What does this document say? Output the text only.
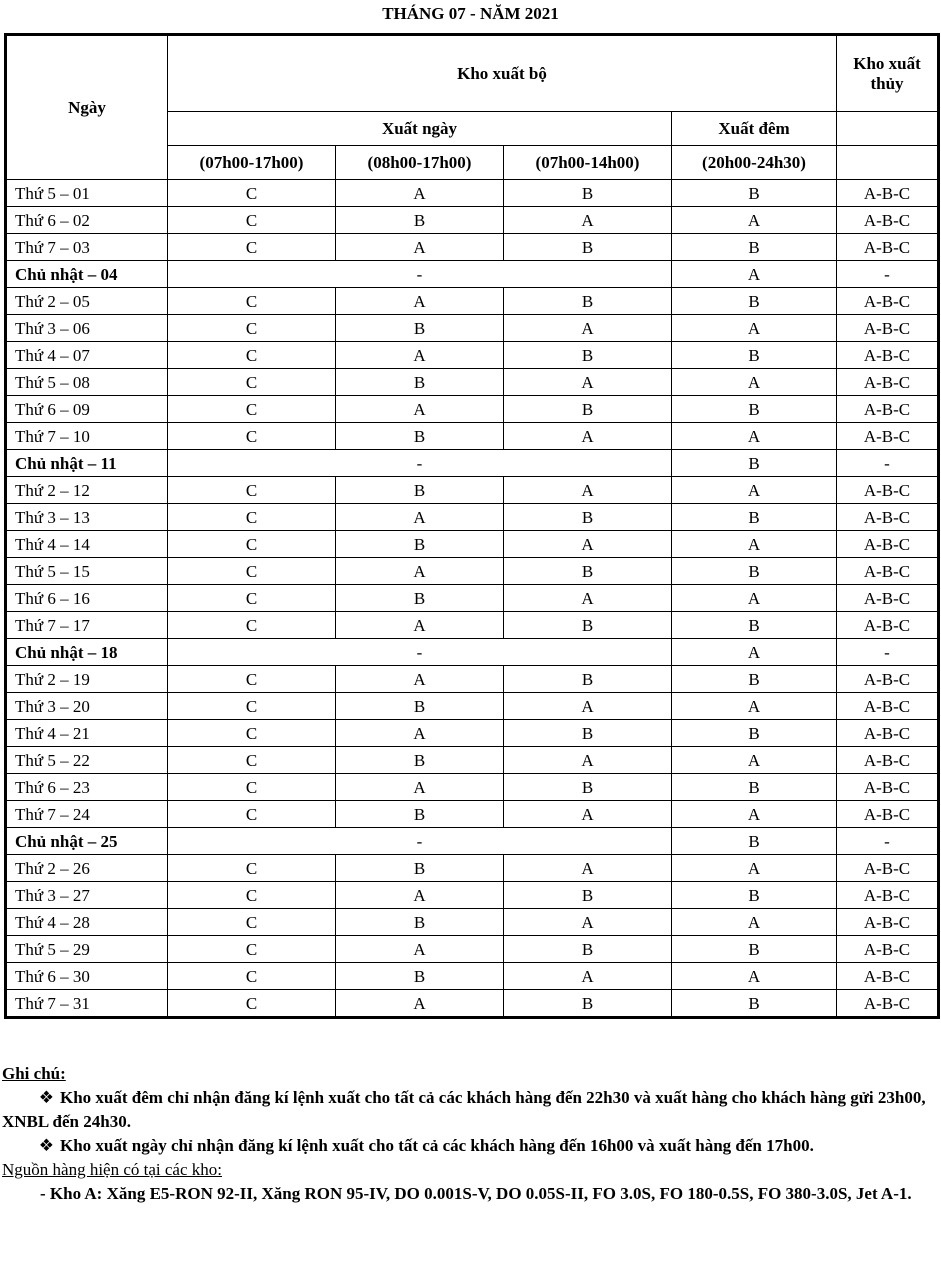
THÁNG 07 - NĂM 2021
Ngày	Kho xuất bộ				Kho xuất thủy
	Xuất ngày			Xuất đêm	
	(07h00-17h00)	(08h00-17h00)	(07h00-14h00)	(20h00-24h30)	
Thứ 5 – 01	C	A	B	B	A-B-C
Thứ 6 – 02	C	B	A	A	A-B-C
Thứ 7 – 03	C	A	B	B	A-B-C
Chủ nhật – 04	-			A	-
Thứ 2 – 05	C	A	B	B	A-B-C
Thứ 3 – 06	C	B	A	A	A-B-C
Thứ 4 – 07	C	A	B	B	A-B-C
Thứ 5 – 08	C	B	A	A	A-B-C
Thứ 6 – 09	C	A	B	B	A-B-C
Thứ 7 – 10	C	B	A	A	A-B-C
Chủ nhật – 11	-			B	-
Thứ 2 – 12	C	B	A	A	A-B-C
Thứ 3 – 13	C	A	B	B	A-B-C
Thứ 4 – 14	C	B	A	A	A-B-C
Thứ 5 – 15	C	A	B	B	A-B-C
Thứ 6 – 16	C	B	A	A	A-B-C
Thứ 7 – 17	C	A	B	B	A-B-C
Chủ nhật – 18	-			A	-
Thứ 2 – 19	C	A	B	B	A-B-C
Thứ 3 – 20	C	B	A	A	A-B-C
Thứ 4 – 21	C	A	B	B	A-B-C
Thứ 5 – 22	C	B	A	A	A-B-C
Thứ 6 – 23	C	A	B	B	A-B-C
Thứ 7 – 24	C	B	A	A	A-B-C
Chủ nhật – 25	-			B	-
Thứ 2 – 26	C	B	A	A	A-B-C
Thứ 3 – 27	C	A	B	B	A-B-C
Thứ 4 – 28	C	B	A	A	A-B-C
Thứ 5 – 29	C	A	B	B	A-B-C
Thứ 6 – 30	C	B	A	A	A-B-C
Thứ 7 – 31	C	A	B	B	A-B-C
Ghi chú:
❖ Kho xuất đêm chỉ nhận đăng kí lệnh xuất cho tất cả các khách hàng đến 22h30 và xuất hàng cho khách hàng gửi 23h00, XNBL đến 24h30.
❖ Kho xuất ngày chỉ nhận đăng kí lệnh xuất cho tất cả các khách hàng đến 16h00 và xuất hàng đến 17h00.
Nguồn hàng hiện có tại các kho:
- Kho A: Xăng E5-RON 92-II, Xăng RON 95-IV, DO 0.001S-V, DO 0.05S-II, FO 3.0S, FO 180-0.5S, FO 380-3.0S, Jet A-1.
